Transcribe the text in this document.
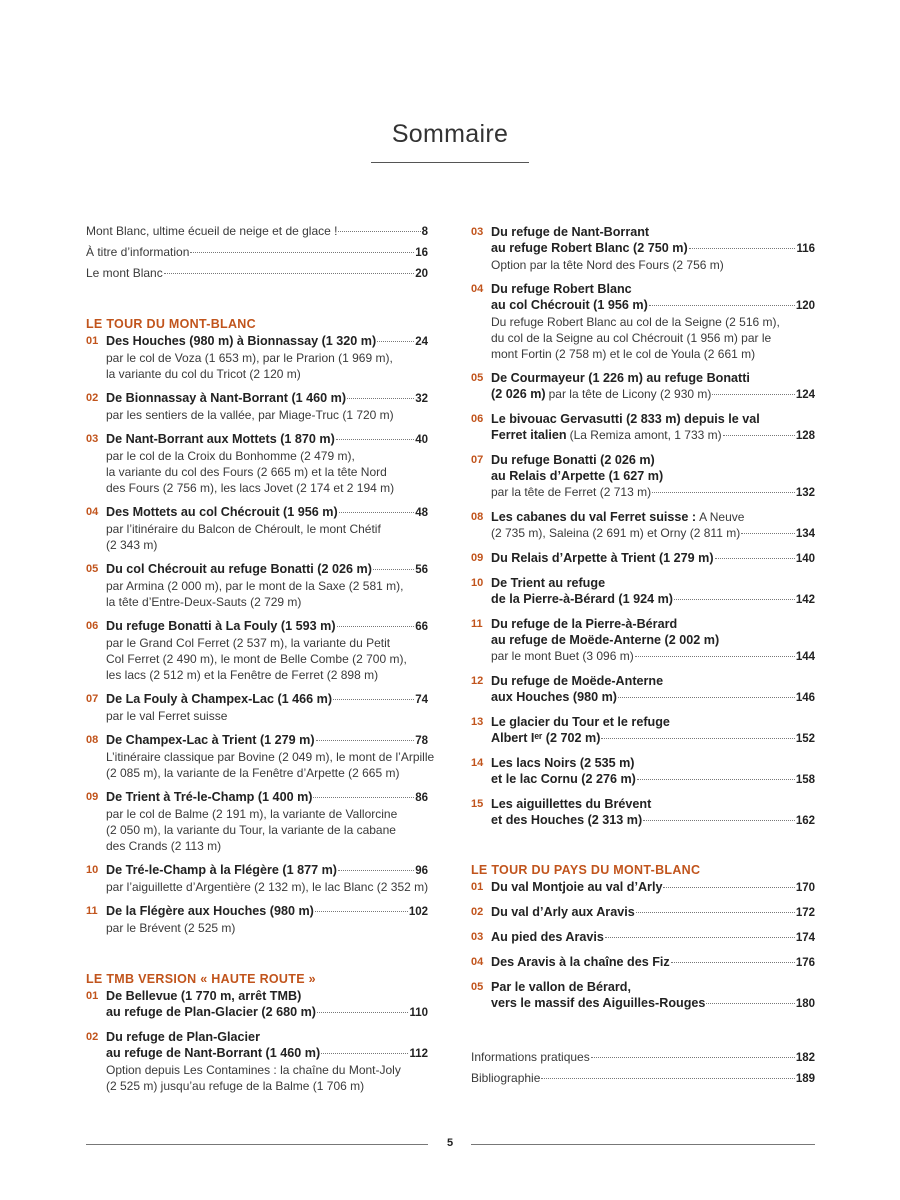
Sommaire
Mont Blanc, ultime écueil de neige et de glace !	8
À titre d’information	16
Le mont Blanc	20
LE TOUR DU MONT-BLANC
01 Des Houches (980 m) à Bionnassay (1 320 m)	24
par le col de Voza (1 653 m), par le Prarion (1 969 m),
la variante du col du Tricot (2 120 m)
02 De Bionnassay à Nant-Borrant (1 460 m)	32
par les sentiers de la vallée, par Miage-Truc (1 720 m)
03 De Nant-Borrant aux Mottets (1 870 m)	40
par le col de la Croix du Bonhomme (2 479 m),
la variante du col des Fours (2 665 m) et la tête Nord
des Fours (2 756 m), les lacs Jovet (2 174 et 2 194 m)
04 Des Mottets au col Chécrouit (1 956 m)	48
par l’itinéraire du Balcon de Chéroult, le mont Chétif
(2 343 m)
05 Du col Chécrouit au refuge Bonatti (2 026 m)	56
par Armina (2 000 m), par le mont de la Saxe (2 581 m),
la tête d’Entre-Deux-Sauts (2 729 m)
06 Du refuge Bonatti à La Fouly (1 593 m)	66
par le Grand Col Ferret (2 537 m), la variante du Petit
Col Ferret (2 490 m), le mont de Belle Combe (2 700 m),
les lacs (2 512 m) et la Fenêtre de Ferret (2 898 m)
07 De La Fouly à Champex-Lac (1 466 m)	74
par le val Ferret suisse
08 De Champex-Lac à Trient (1 279 m)	78
L’itinéraire classique par Bovine (2 049 m), le mont de l’Arpille
(2 085 m), la variante de la Fenêtre d’Arpette (2 665 m)
09 De Trient à Tré-le-Champ (1 400 m)	86
par le col de Balme (2 191 m), la variante de Vallorcine
(2 050 m), la variante du Tour, la variante de la cabane
des Crands (2 113 m)
10 De Tré-le-Champ à la Flégère (1 877 m)	96
par l’aiguillette d’Argentière (2 132 m), le lac Blanc (2 352 m)
11 De la Flégère aux Houches (980 m)	102
par le Brévent (2 525 m)
LE TMB VERSION « HAUTE ROUTE »
01 De Bellevue (1 770 m, arrêt TMB)
au refuge de Plan-Glacier (2 680 m)	110
02 Du refuge de Plan-Glacier
au refuge de Nant-Borrant (1 460 m)	112
Option depuis Les Contamines : la chaîne du Mont-Joly
(2 525 m) jusqu’au refuge de la Balme (1 706 m)
03 Du refuge de Nant-Borrant
au refuge Robert Blanc (2 750 m)	116
Option par la tête Nord des Fours (2 756 m)
04 Du refuge Robert Blanc
au col Chécrouit (1 956 m)	120
Du refuge Robert Blanc au col de la Seigne (2 516 m),
du col de la Seigne au col Chécrouit (1 956 m) par le
mont Fortin (2 758 m) et le col de Youla (2 661 m)
05 De Courmayeur (1 226 m) au refuge Bonatti
(2 026 m) par la tête de Licony (2 930 m)	124
06 Le bivouac Gervasutti (2 833 m) depuis le val
Ferret italien (La Remiza amont, 1 733 m)	128
07 Du refuge Bonatti (2 026 m)
au Relais d’Arpette (1 627 m)
par la tête de Ferret (2 713 m)	132
08 Les cabanes du val Ferret suisse : A Neuve
(2 735 m), Saleina (2 691 m) et Orny (2 811 m)	134
09 Du Relais d’Arpette à Trient (1 279 m)	140
10 De Trient au refuge
de la Pierre-à-Bérard (1 924 m)	142
11 Du refuge de la Pierre-à-Bérard
au refuge de Moëde-Anterne (2 002 m)
par le mont Buet (3 096 m)	144
12 Du refuge de Moëde-Anterne
aux Houches (980 m)	146
13 Le glacier du Tour et le refuge
Albert Iᵉʳ (2 702 m)	152
14 Les lacs Noirs (2 535 m)
et le lac Cornu (2 276 m)	158
15 Les aiguillettes du Brévent
et des Houches (2 313 m)	162
LE TOUR DU PAYS DU MONT-BLANC
01 Du val Montjoie au val d’Arly	170
02 Du val d’Arly aux Aravis	172
03 Au pied des Aravis	174
04 Des Aravis à la chaîne des Fiz	176
05 Par le vallon de Bérard,
vers le massif des Aiguilles-Rouges	180
Informations pratiques	182
Bibliographie	189
5
